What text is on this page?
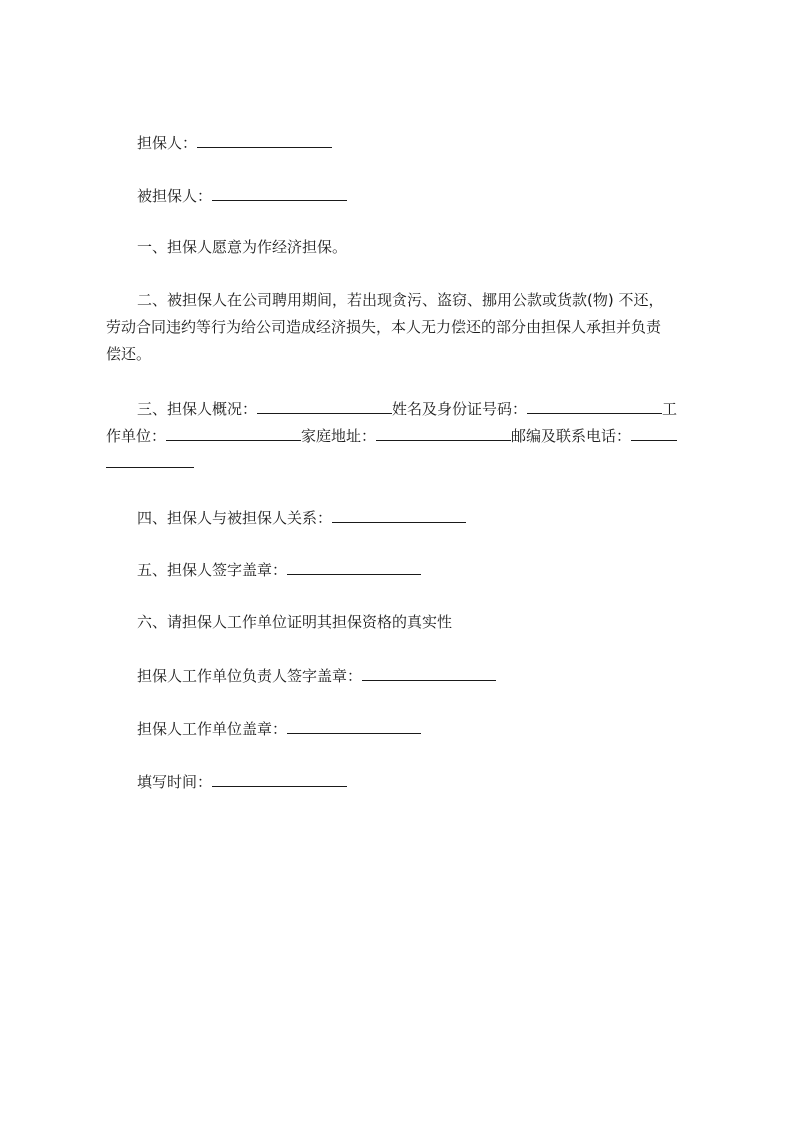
担保人：
被担保人：
一、担保人愿意为作经济担保。
二、被担保人在公司聘用期间，若出现贪污、盗窃、挪用公款或货款(物) 不还，
劳动合同违约等行为给公司造成经济损失，本人无力偿还的部分由担保人承担并负责
偿还。
三、担保人概况：	姓名及身份证号码：	工
作单位：	家庭地址：	邮编及联系电话：
四、担保人与被担保人关系：
五、担保人签字盖章：
六、请担保人工作单位证明其担保资格的真实性
担保人工作单位负责人签字盖章：
担保人工作单位盖章：
填写时间：
